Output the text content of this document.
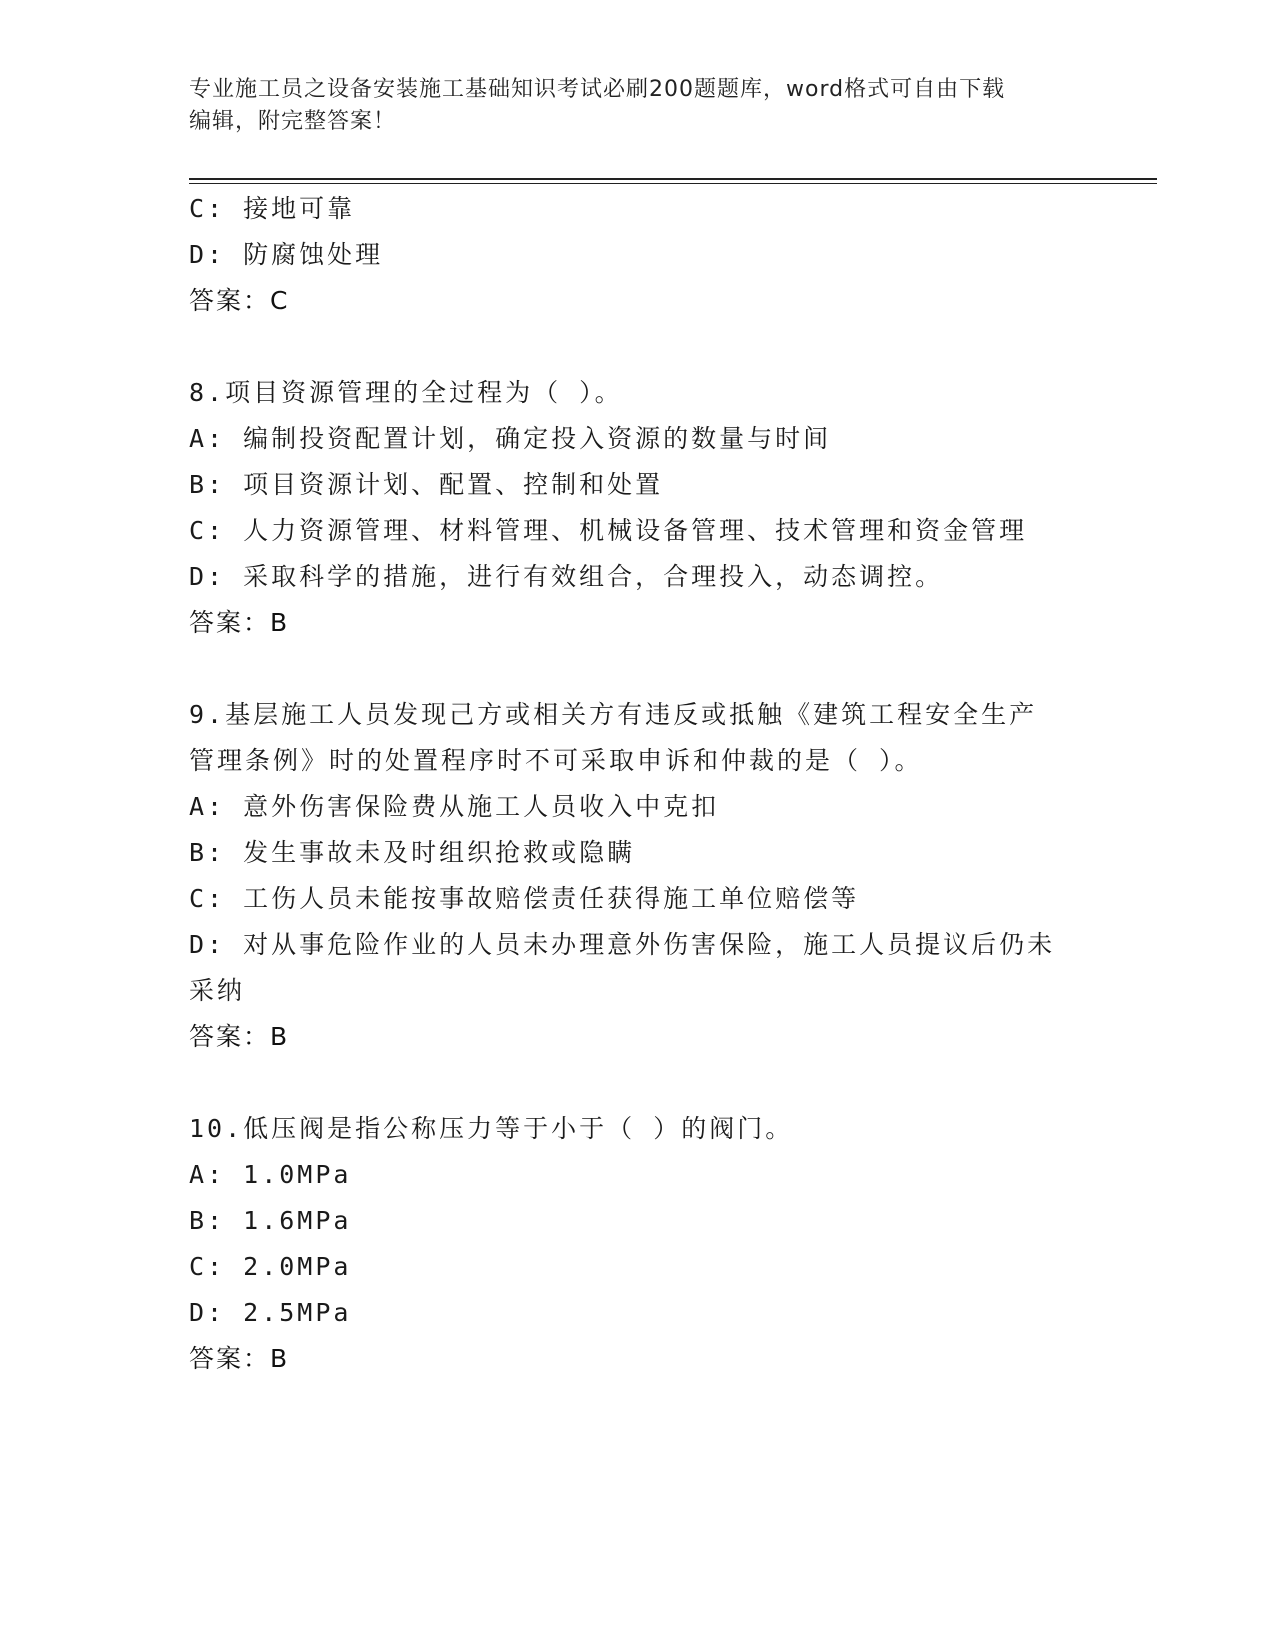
专业施工员之设备安装施工基础知识考试必刷200题题库，word格式可自由下载
编辑，附完整答案！
C: 接地可靠
D: 防腐蚀处理
答案：C
8.项目资源管理的全过程为（ ）。
A: 编制投资配置计划，确定投入资源的数量与时间
B: 项目资源计划、配置、控制和处置
C: 人力资源管理、材料管理、机械设备管理、技术管理和资金管理
D: 采取科学的措施，进行有效组合，合理投入，动态调控。
答案：B
9.基层施工人员发现己方或相关方有违反或抵触《建筑工程安全生产
管理条例》时的处置程序时不可采取申诉和仲裁的是（ ）。
A: 意外伤害保险费从施工人员收入中克扣
B: 发生事故未及时组织抢救或隐瞒
C: 工伤人员未能按事故赔偿责任获得施工单位赔偿等
D: 对从事危险作业的人员未办理意外伤害保险，施工人员提议后仍未
采纳
答案：B
10.低压阀是指公称压力等于小于（ ）的阀门。
A: 1.0MPa
B: 1.6MPa
C: 2.0MPa
D: 2.5MPa
答案：B
